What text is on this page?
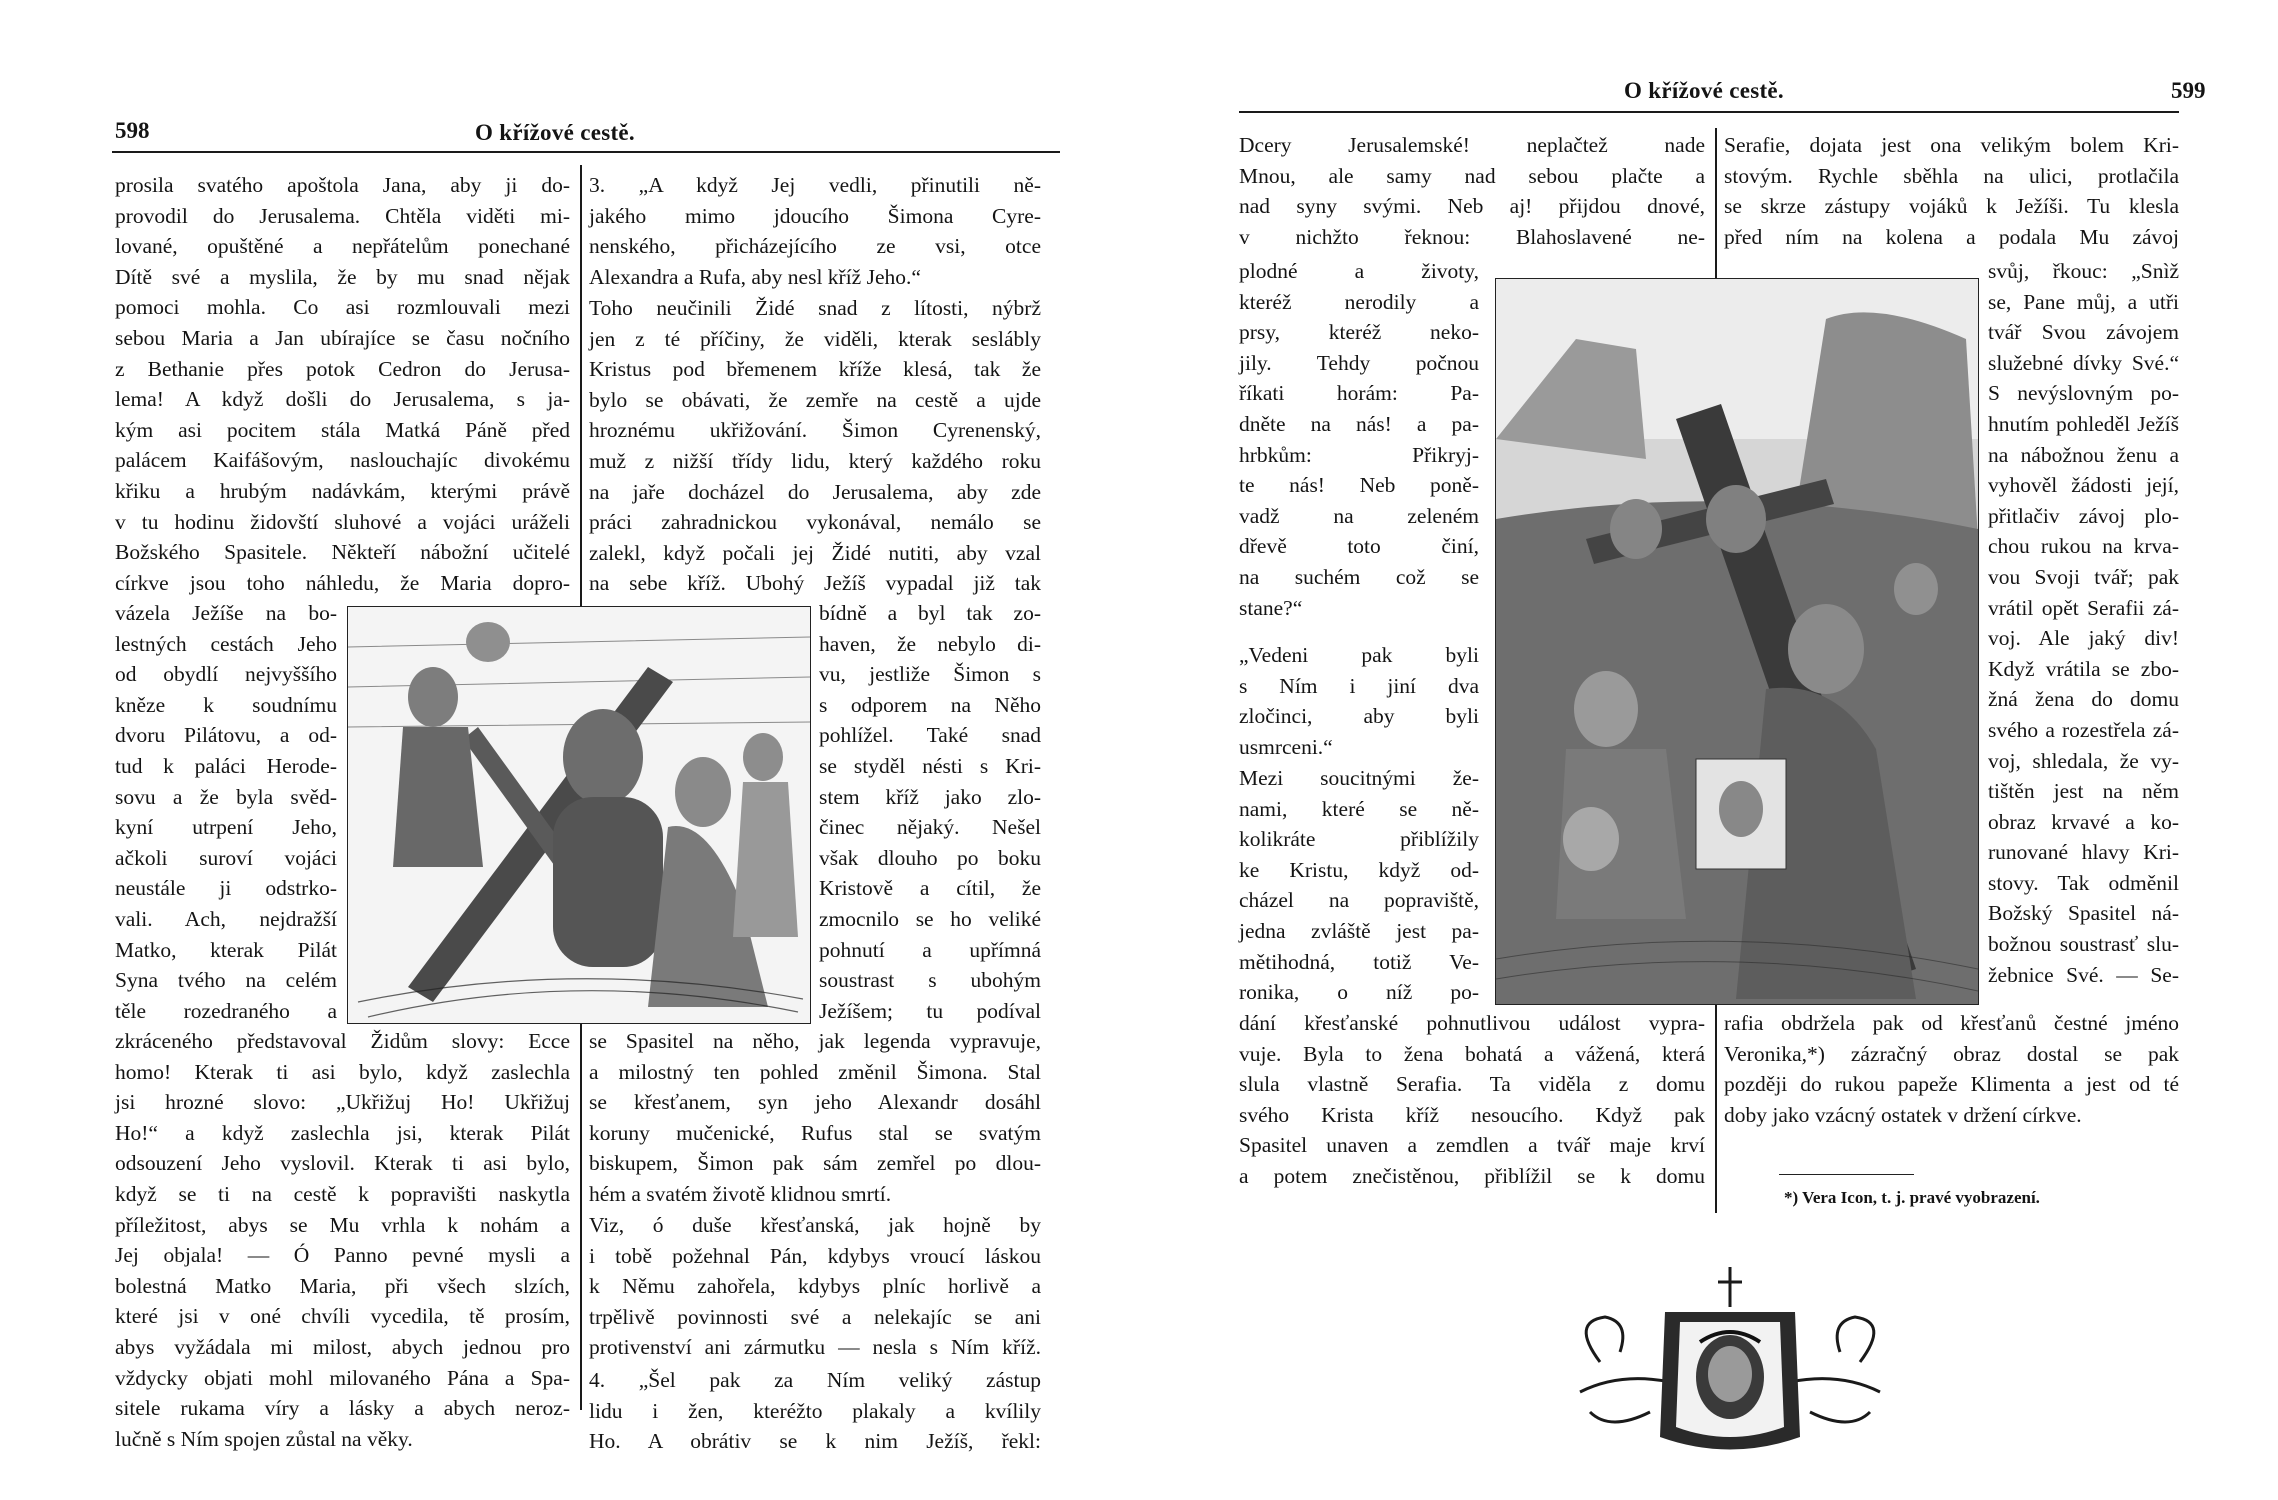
598	O křížové cestě.
prosila svatého apoštola Jana, aby ji do-
provodil do Jerusalema. Chtěla viděti mi-
lované, opuštěné a nepřátelům ponechané
Dítě své a myslila, že by mu snad nějak
pomoci mohla. Co asi rozmlouvali mezi
sebou Maria a Jan ubírajíce se času nočního
z Bethanie přes potok Cedron do Jerusa-
lema! A když došli do Jerusalema, s ja-
kým asi pocitem stála Matká Páně před
palácem Kaifášovým, naslouchajíc divokému
křiku a hrubým nadávkám, kterými právě
v tu hodinu židovští sluhové a vojáci uráželi
Božského Spasitele. Někteří nábožní učitelé
církve jsou toho náhledu, že Maria dopro-
vázela Ježíše na bo-
lestných cestách Jeho
od obydlí nejvyššího
kněze k soudnímu
dvoru Pilátovu, a od-
tud k paláci Herode-
sovu a že byla svěd-
kyní utrpení Jeho,
ačkoli suroví vojáci
neustále ji odstrko-
vali. Ach, nejdražší
Matko, kterak Pilát
Syna tvého na celém
těle rozedraného a
zkráceného představoval Židům slovy: Ecce
homo! Kterak ti asi bylo, když zaslechla
jsi hrozné slovo: „Ukřižuj Ho! Ukřižuj
Ho!“ a když zaslechla jsi, kterak Pilát
odsouzení Jeho vyslovil. Kterak ti asi bylo,
když se ti na cestě k popravišti naskytla
příležitost, abys se Mu vrhla k nohám a
Jej objala! — Ó Panno pevné mysli a
bolestná Matko Maria, při všech slzích,
které jsi v oné chvíli vycedila, tě prosím,
abys vyžádala mi milost, abych jednou pro
vždycky objati mohl milovaného Pána a Spa-
sitele rukama víry a lásky a abych neroz-
lučně s Ním spojen zůstal na věky.
3. „A když Jej vedli, přinutili ně-
jakého mimo jdoucího Šimona Cyre-
nenského, přicházejícího ze vsi, otce
Alexandra a Rufa, aby nesl kříž Jeho.“
Toho neučinili Židé snad z lítosti, nýbrž
jen z té příčiny, že viděli, kterak seslábly
Kristus pod břemenem kříže klesá, tak že
bylo se obávati, že zemře na cestě a ujde
hroznému ukřižování. Šimon Cyrenenský,
muž z nižší třídy lidu, který každého roku
na jaře docházel do Jerusalema, aby zde
práci zahradnickou vykonával, nemálo se
zalekl, když počali jej Židé nutiti, aby vzal
na sebe kříž. Ubohý Ježíš vypadal již tak
bídně a byl tak zo-
haven, že nebylo di-
vu, jestliže Šimon s
s odporem na Něho
pohlížel. Také snad
se styděl nésti s Kri-
stem kříž jako zlo-
činec nějaký. Nešel
však dlouho po boku
Kristově a cítil, že
zmocnilo se ho veliké
pohnutí a upřímná
soustrast s ubohým
Ježíšem; tu podíval
se Spasitel na něho, jak legenda vypravuje,
a milostný ten pohled změnil Šimona. Stal
se křesťanem, syn jeho Alexandr dosáhl
koruny mučenické, Rufus stal se svatým
biskupem, Šimon pak sám zemřel po dlou-
hém a svatém životě klidnou smrtí.
Viz, ó duše křesťanská, jak hojně by
i tobě požehnal Pán, kdybys vroucí láskou
k Němu zahořela, kdybys plníc horlivě a
trpělivě povinnosti své a nelekajíc se ani
protivenství ani zármutku — nesla s Ním kříž.
4. „Šel pak za Ním veliký zástup
lidu i žen, kteréžto plakaly a kvílily
Ho. A obrátiv se k nim Ježíš, řekl:
O křížové cestě.	599
Dcery Jerusalemské! neplačtež nade
Mnou, ale samy nad sebou plačte a
nad syny svými. Neb aj! přijdou dnové,
v nichžto řeknou: Blahoslavené ne-
plodné a životy,
kteréž nerodily a
prsy, kteréž neko-
jily. Tehdy počnou
říkati horám: Pa-
dněte na nás! a pa-
hrbkům: Přikryj-
te nás! Neb poně-
vadž na zeleném
dřevě toto činí,
na suchém což se
stane?“
„Vedeni pak byli
s Ním i jiní dva
zločinci, aby byli
usmrceni.“
Mezi soucitnými že-
nami, které se ně-
kolikráte přiblížily
ke Kristu, když od-
cházel na popraviště,
jedna zvláště jest pa-
mětihodná, totiž Ve-
ronika, o níž po-
dání křesťanské pohnutlivou událost vypra-
vuje. Byla to žena bohatá a vážená, která
slula vlastně Serafia. Ta viděla z domu
svého Krista kříž nesoucího. Když pak
Spasitel unaven a zemdlen a tvář maje krví
a potem znečistěnou, přiblížil se k domu
Serafie, dojata jest ona velikým bolem Kri-
stovým. Rychle sběhla na ulici, protlačila
se skrze zástupy vojáků k Ježíši. Tu klesla
před ním na kolena a podala Mu závoj
svůj, řkouc: „Snìž
se, Pane můj, a utři
tvář Svou závojem
služebné dívky Své.“
S nevýslovným po-
hnutím pohleděl Ježíš
na nábožnou ženu a
vyhověl žádosti její,
přitlačiv závoj plo-
chou rukou na krva-
vou Svoji tvář; pak
vrátil opět Serafii zá-
voj. Ale jaký div!
Když vrátila se zbo-
žná žena do domu
svého a rozestřela zá-
voj, shledala, že vy-
tištěn jest na něm
obraz krvavé a ko-
runované hlavy Kri-
stovy. Tak odměnil
Božský Spasitel ná-
božnou soustrasť slu-
žebnice Své. — Se-
rafia obdržela pak od křesťanů čestné jméno
Veronika,*) zázračný obraz dostal se pak
později do rukou papeže Klimenta a jest od té
doby jako vzácný ostatek v držení církve.
*) Vera Icon, t. j. pravé vyobrazení.
